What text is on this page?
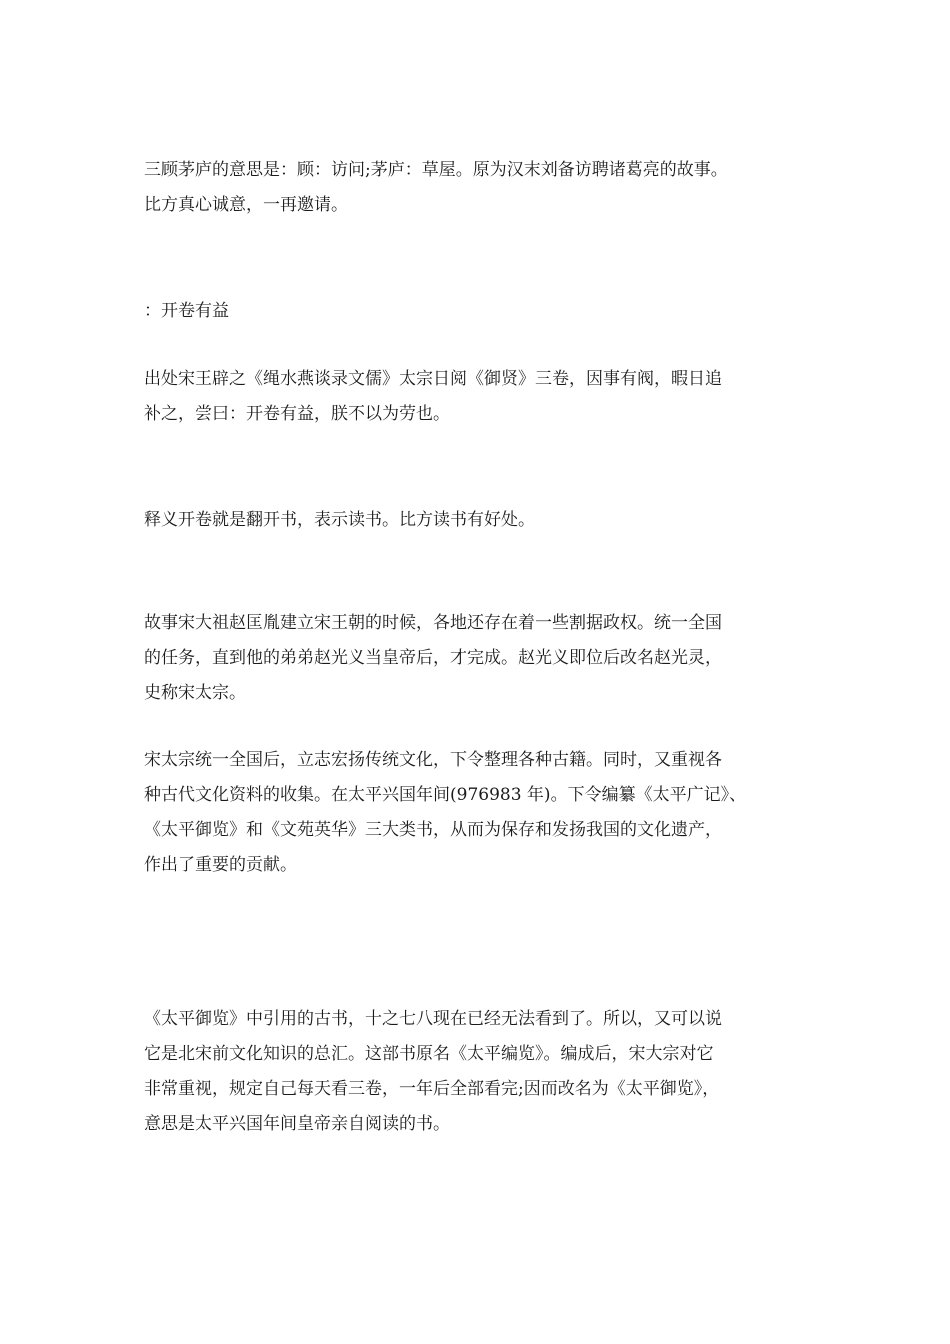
三顾茅庐的意思是：顾：访问;茅庐：草屋。原为汉末刘备访聘诸葛亮的故事。
比方真心诚意，一再邀请。
：开卷有益
出处宋王辟之《绳水燕谈录文儒》太宗日阅《御贤》三卷，因事有阀，暇日追
补之，尝曰：开卷有益，朕不以为劳也。
释义开卷就是翻开书，表示读书。比方读书有好处。
故事宋大祖赵匡胤建立宋王朝的时候，各地还存在着一些割据政权。统一全国
的任务，直到他的弟弟赵光义当皇帝后，才完成。赵光义即位后改名赵光灵，
史称宋太宗。
宋太宗统一全国后，立志宏扬传统文化，下令整理各种古籍。同时，又重视各
种古代文化资料的收集。在太平兴国年间(976983 年)。下令编纂《太平广记》、
《太平御览》和《文苑英华》三大类书，从而为保存和发扬我国的文化遗产，
作出了重要的贡献。
《太平御览》中引用的古书，十之七八现在已经无法看到了。所以，又可以说
它是北宋前文化知识的总汇。这部书原名《太平编览》。编成后，宋大宗对它
非常重视，规定自己每天看三卷，一年后全部看完;因而改名为《太平御览》，
意思是太平兴国年间皇帝亲自阅读的书。
